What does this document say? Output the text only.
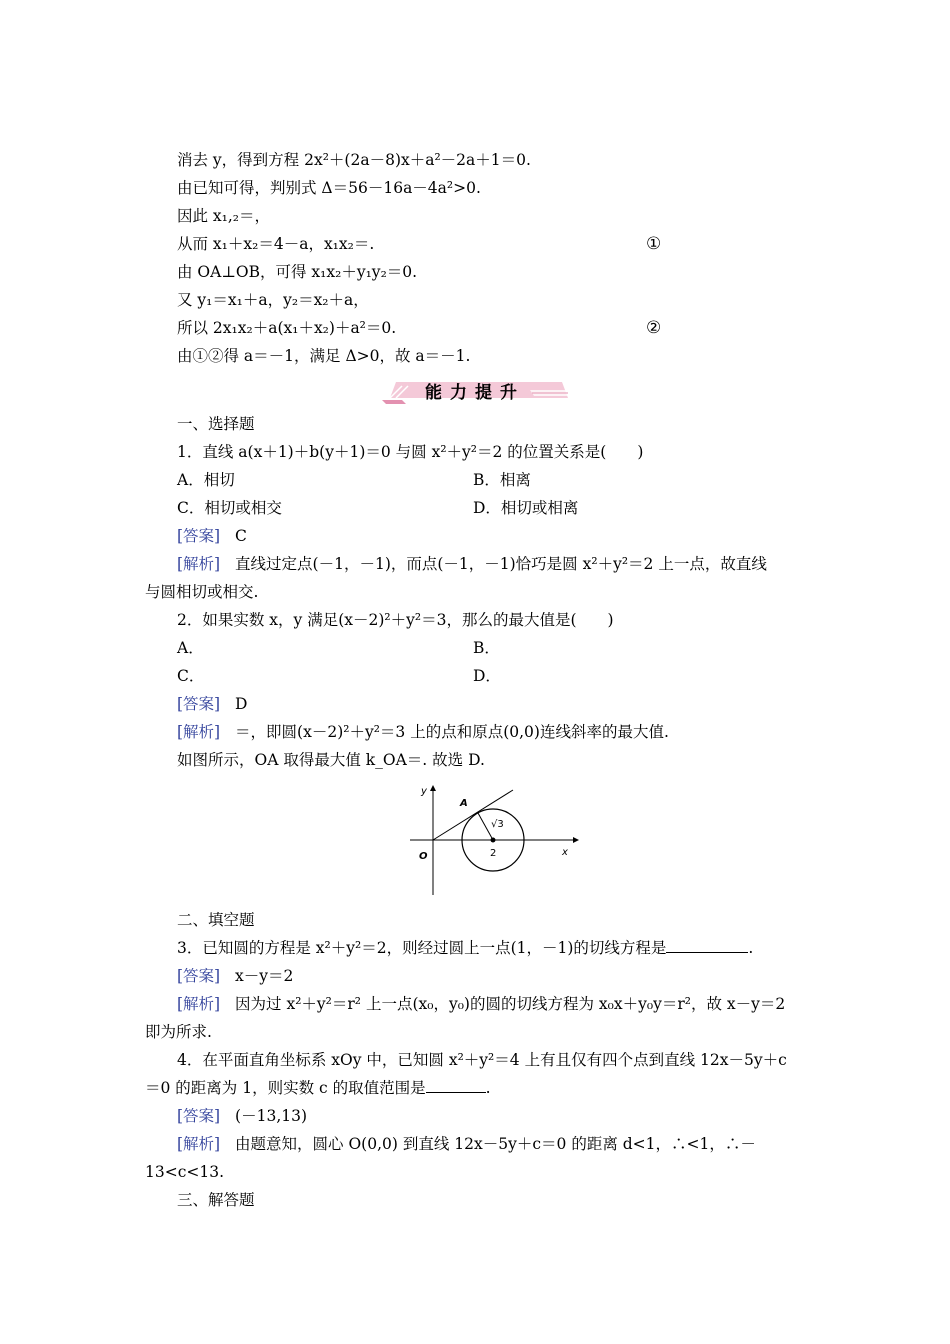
消去 y，得到方程 2x²＋(2a－8)x＋a²－2a＋1＝0.
由已知可得，判别式 Δ＝56－16a－4a²>0.
因此 x₁,₂＝，
从而 x₁＋x₂＝4－a，x₁x₂＝.	①
由 OA⊥OB，可得 x₁x₂＋y₁y₂＝0.
又 y₁＝x₁＋a，y₂＝x₂＋a，
所以 2x₁x₂＋a(x₁＋x₂)＋a²＝0.	②
由①②得 a＝－1，满足 Δ>0，故 a＝－1.
能力提升
一、选择题
1．直线 a(x＋1)＋b(y＋1)＝0 与圆 x²＋y²＝2 的位置关系是(　　)
A．相切	B．相离
C．相切或相交	D．相切或相离
[答案] C
[解析] 直线过定点(－1，－1)，而点(－1，－1)恰巧是圆 x²＋y²＝2 上一点，故直线
与圆相切或相交.
2．如果实数 x，y 满足(x－2)²＋y²＝3，那么的最大值是(　　)
A．	B．
C．	D．
[答案] D
[解析] ＝，即圆(x－2)²＋y²＝3 上的点和原点(0,0)连线斜率的最大值.
如图所示，OA 取得最大值 k_OA＝. 故选 D.
y
x
O
A
√3
2
二、填空题
3．已知圆的方程是 x²＋y²＝2，则经过圆上一点(1，－1)的切线方程是	.
[答案] x－y＝2
[解析] 因为过 x²＋y²＝r² 上一点(x₀，y₀)的圆的切线方程为 x₀x＋y₀y＝r²，故 x－y＝2
即为所求.
4．在平面直角坐标系 xOy 中，已知圆 x²＋y²＝4 上有且仅有四个点到直线 12x－5y＋c
＝0 的距离为 1，则实数 c 的取值范围是	.
[答案] (－13,13)
[解析] 由题意知，圆心 O(0,0) 到直线 12x－5y＋c＝0 的距离 d<1，∴<1，∴－
13<c<13.
三、解答题
